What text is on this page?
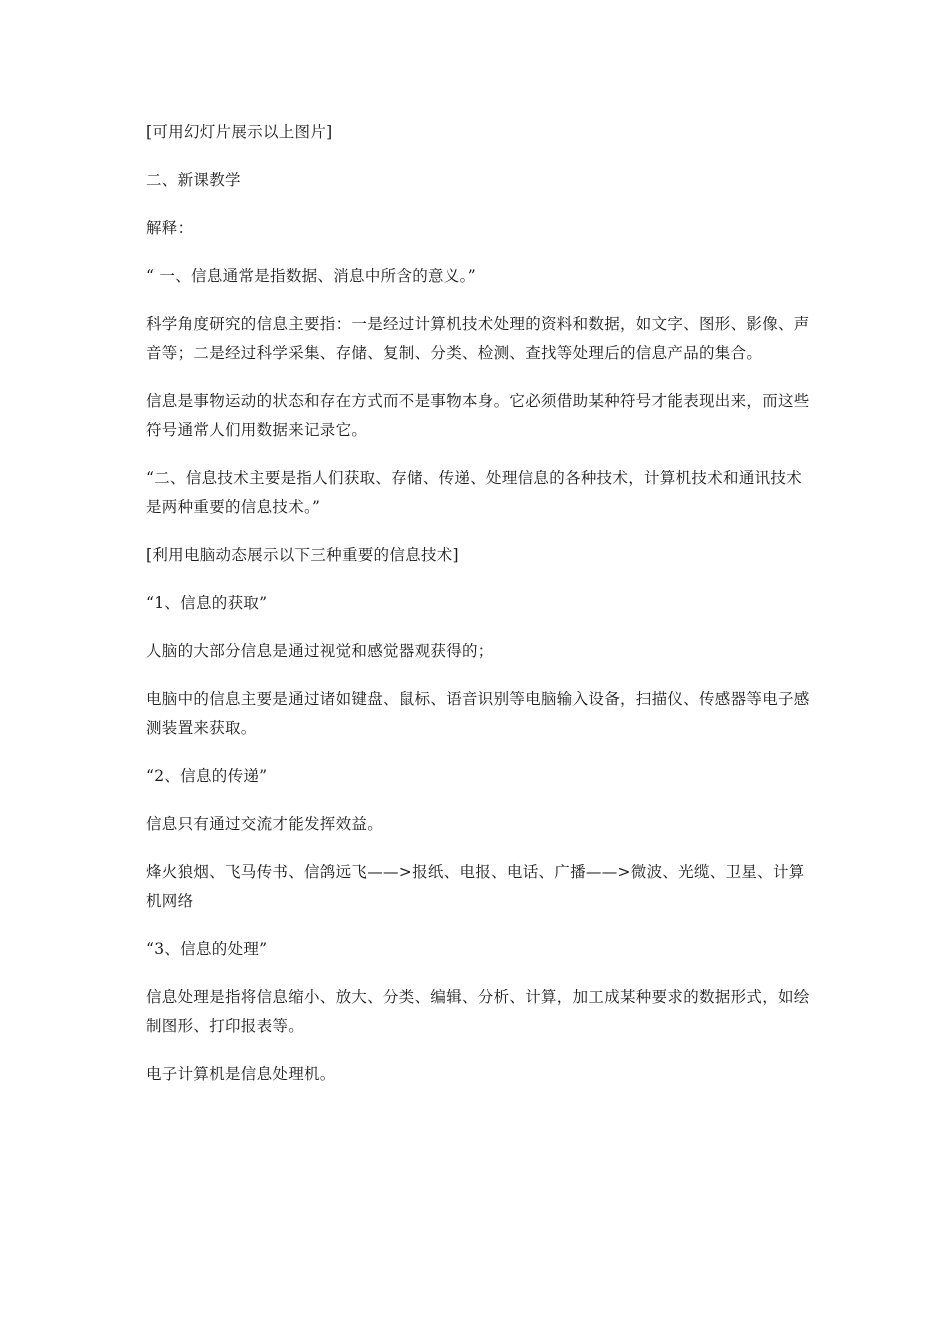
[可用幻灯片展示以上图片]

二、新课教学

解释：

“ 一、信息通常是指数据、消息中所含的意义。”

科学角度研究的信息主要指：一是经过计算机技术处理的资料和数据，如文字、图形、影像、声音等；二是经过科学采集、存储、复制、分类、检测、查找等处理后的信息产品的集合。

信息是事物运动的状态和存在方式而不是事物本身。它必须借助某种符号才能表现出来，而这些符号通常人们用数据来记录它。

“二、信息技术主要是指人们获取、存储、传递、处理信息的各种技术，计算机技术和通讯技术是两种重要的信息技术。”

[利用电脑动态展示以下三种重要的信息技术]

“1、信息的获取”

人脑的大部分信息是通过视觉和感觉器观获得的；

电脑中的信息主要是通过诸如键盘、鼠标、语音识别等电脑输入设备，扫描仪、传感器等电子感测装置来获取。

“2、信息的传递”

信息只有通过交流才能发挥效益。

烽火狼烟、飞马传书、信鸽远飞——>报纸、电报、电话、广播——>微波、光缆、卫星、计算机网络

“3、信息的处理”

信息处理是指将信息缩小、放大、分类、编辑、分析、计算，加工成某种要求的数据形式，如绘制图形、打印报表等。

电子计算机是信息处理机。
